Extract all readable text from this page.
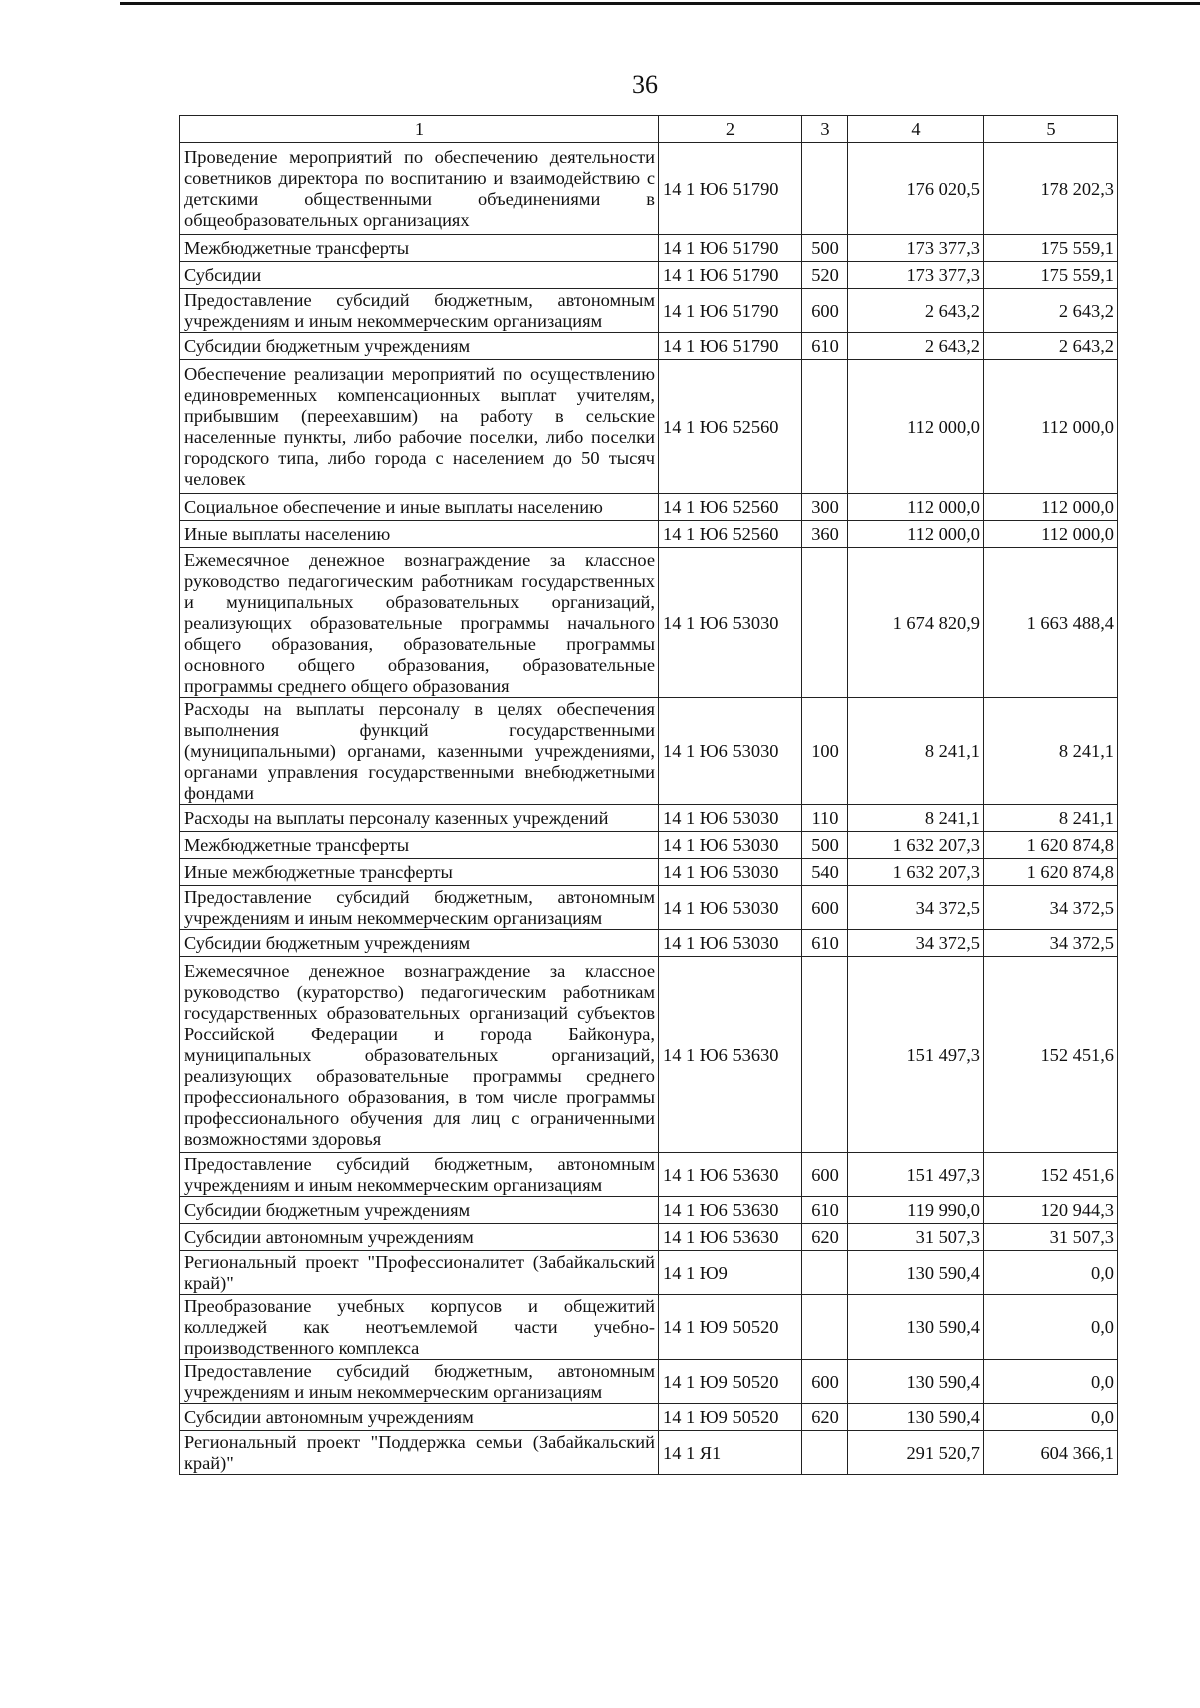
36
1	2	3	4	5
Проведение мероприятий по обеспечению деятельности советников директора по воспитанию и взаимодействию с детскими общественными объединениями в общеобразовательных организациях	14 1 Ю6 51790		176 020,5	178 202,3
Межбюджетные трансферты	14 1 Ю6 51790	500	173 377,3	175 559,1
Субсидии	14 1 Ю6 51790	520	173 377,3	175 559,1
Предоставление субсидий бюджетным, автономным учреждениям и иным некоммерческим организациям	14 1 Ю6 51790	600	2 643,2	2 643,2
Субсидии бюджетным учреждениям	14 1 Ю6 51790	610	2 643,2	2 643,2
Обеспечение реализации мероприятий по осуществлению единовременных компенсационных выплат учителям, прибывшим (переехавшим) на работу в сельские населенные пункты, либо рабочие поселки, либо поселки городского типа, либо города с населением до 50 тысяч человек	14 1 Ю6 52560		112 000,0	112 000,0
Социальное обеспечение и иные выплаты населению	14 1 Ю6 52560	300	112 000,0	112 000,0
Иные выплаты населению	14 1 Ю6 52560	360	112 000,0	112 000,0
Ежемесячное денежное вознаграждение за классное руководство педагогическим работникам государственных и муниципальных образовательных организаций, реализующих образовательные программы начального общего образования, образовательные программы основного общего образования, образовательные программы среднего общего образования	14 1 Ю6 53030		1 674 820,9	1 663 488,4
Расходы на выплаты персоналу в целях обеспечения выполнения функций государственными (муниципальными) органами, казенными учреждениями, органами управления государственными внебюджетными фондами	14 1 Ю6 53030	100	8 241,1	8 241,1
Расходы на выплаты персоналу казенных учреждений	14 1 Ю6 53030	110	8 241,1	8 241,1
Межбюджетные трансферты	14 1 Ю6 53030	500	1 632 207,3	1 620 874,8
Иные межбюджетные трансферты	14 1 Ю6 53030	540	1 632 207,3	1 620 874,8
Предоставление субсидий бюджетным, автономным учреждениям и иным некоммерческим организациям	14 1 Ю6 53030	600	34 372,5	34 372,5
Субсидии бюджетным учреждениям	14 1 Ю6 53030	610	34 372,5	34 372,5
Ежемесячное денежное вознаграждение за классное руководство (кураторство) педагогическим работникам государственных образовательных организаций субъектов Российской Федерации и города Байконура, муниципальных образовательных организаций, реализующих образовательные программы среднего профессионального образования, в том числе программы профессионального обучения для лиц с ограниченными возможностями здоровья	14 1 Ю6 53630		151 497,3	152 451,6
Предоставление субсидий бюджетным, автономным учреждениям и иным некоммерческим организациям	14 1 Ю6 53630	600	151 497,3	152 451,6
Субсидии бюджетным учреждениям	14 1 Ю6 53630	610	119 990,0	120 944,3
Субсидии автономным учреждениям	14 1 Ю6 53630	620	31 507,3	31 507,3
Региональный проект "Профессионалитет (Забайкальский край)"	14 1 Ю9		130 590,4	0,0
Преобразование учебных корпусов и общежитий колледжей как неотъемлемой части учебно-производственного комплекса	14 1 Ю9 50520		130 590,4	0,0
Предоставление субсидий бюджетным, автономным учреждениям и иным некоммерческим организациям	14 1 Ю9 50520	600	130 590,4	0,0
Субсидии автономным учреждениям	14 1 Ю9 50520	620	130 590,4	0,0
Региональный проект "Поддержка семьи (Забайкальский край)"	14 1 Я1		291 520,7	604 366,1
